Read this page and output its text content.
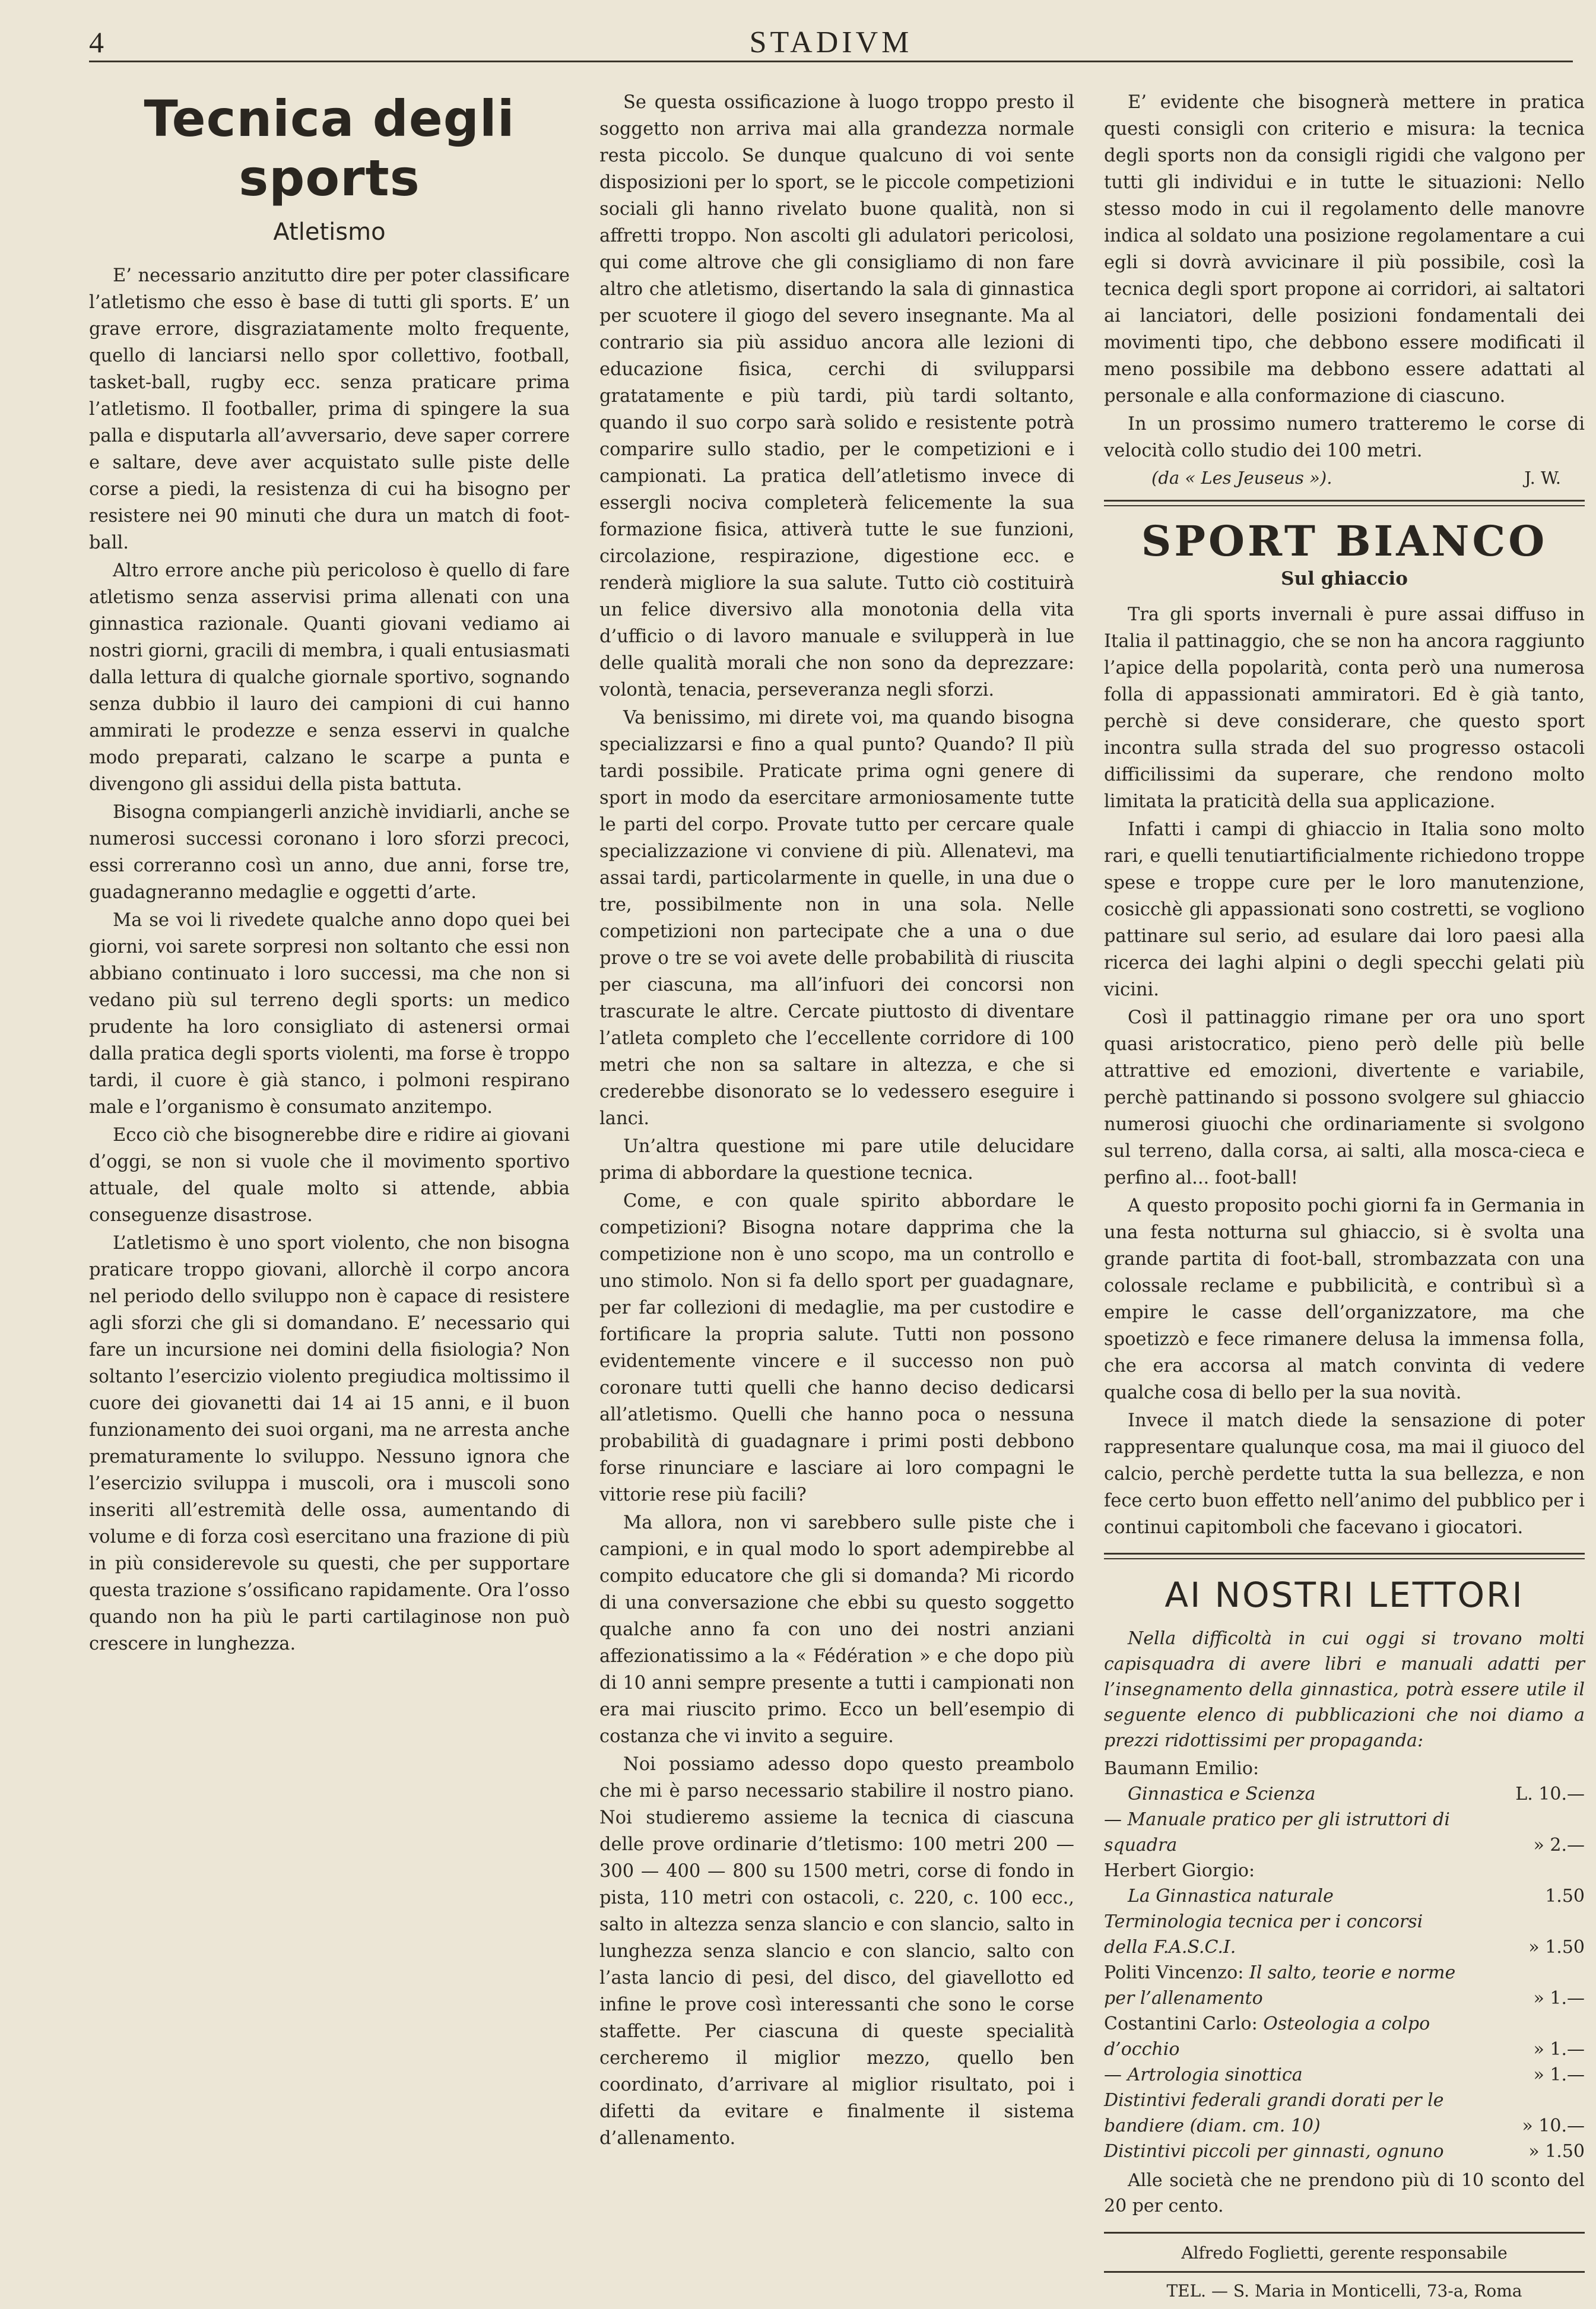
4	STADIVM
Tecnica degli sports
Atletismo

E’ necessario anzitutto dire per poter classificare l’atletismo che esso è base di tutti gli sports. E’ un grave errore, disgraziatamente molto frequente, quello di lanciarsi nello spor collettivo, football, tasket-ball, rugby ecc. senza praticare prima l’atletismo. Il footballer, prima di spingere la sua palla e disputarla all’avversario, deve saper correre e saltare, deve aver acquistato sulle piste delle corse a piedi, la resistenza di cui ha bisogno per resistere nei 90 minuti che dura un match di foot-ball.

Altro errore anche più pericoloso è quello di fare atletismo senza asservisi prima allenati con una ginnastica razionale. Quanti giovani vediamo ai nostri giorni, gracili di membra, i quali entusiasmati dalla lettura di qualche giornale sportivo, sognando senza dubbio il lauro dei campioni di cui hanno ammirati le prodezze e senza esservi in qualche modo preparati, calzano le scarpe a punta e divengono gli assidui della pista battuta.

Bisogna compiangerli anzichè invidiarli, anche se numerosi successi coronano i loro sforzi precoci, essi correranno così un anno, due anni, forse tre, guadagneranno medaglie e oggetti d’arte.

Ma se voi li rivedete qualche anno dopo quei bei giorni, voi sarete sorpresi non soltanto che essi non abbiano continuato i loro successi, ma che non si vedano più sul terreno degli sports: un medico prudente ha loro consigliato di astenersi ormai dalla pratica degli sports violenti, ma forse è troppo tardi, il cuore è già stanco, i polmoni respirano male e l’organismo è consumato anzitempo.

Ecco ciò che bisognerebbe dire e ridire ai giovani d’oggi, se non si vuole che il movimento sportivo attuale, del quale molto si attende, abbia conseguenze disastrose.

L’atletismo è uno sport violento, che non bisogna praticare troppo giovani, allorchè il corpo ancora nel periodo dello sviluppo non è capace di resistere agli sforzi che gli si domandano. E’ necessario qui fare un incursione nei domini della fisiologia? Non soltanto l’esercizio violento pregiudica moltissimo il cuore dei giovanetti dai 14 ai 15 anni, e il buon funzionamento dei suoi organi, ma ne arresta anche prematuramente lo sviluppo. Nessuno ignora che l’esercizio sviluppa i muscoli, ora i muscoli sono inseriti all’estremità delle ossa, aumentando di volume e di forza così esercitano una frazione di più in più considerevole su questi, che per supportare questa trazione s’ossificano rapidamente. Ora l’osso quando non ha più le parti cartilaginose non può crescere in lunghezza.

Se questa ossificazione à luogo troppo presto il soggetto non arriva mai alla grandezza normale resta piccolo. Se dunque qualcuno di voi sente disposizioni per lo sport, se le piccole competizioni sociali gli hanno rivelato buone qualità, non si affretti troppo. Non ascolti gli adulatori pericolosi, qui come altrove che gli consigliamo di non fare altro che atletismo, disertando la sala di ginnastica per scuotere il giogo del severo insegnante. Ma al contrario sia più assiduo ancora alle lezioni di educazione fisica, cerchi di svilupparsi gratatamente e più tardi, più tardi soltanto, quando il suo corpo sarà solido e resistente potrà comparire sullo stadio, per le competizioni e i campionati. La pratica dell’atletismo invece di essergli nociva completerà felicemente la sua formazione fisica, attiverà tutte le sue funzioni, circolazione, respirazione, digestione ecc. e renderà migliore la sua salute. Tutto ciò costituirà un felice diversivo alla monotonia della vita d’ufficio o di lavoro manuale e svilupperà in lue delle qualità morali che non sono da deprezzare: volontà, tenacia, perseveranza negli sforzi.

Va benissimo, mi direte voi, ma quando bisogna specializzarsi e fino a qual punto? Quando? Il più tardi possibile. Praticate prima ogni genere di sport in modo da esercitare armoniosamente tutte le parti del corpo. Provate tutto per cercare quale specializzazione vi conviene di più. Allenatevi, ma assai tardi, particolarmente in quelle, in una due o tre, possibilmente non in una sola. Nelle competizioni non partecipate che a una o due prove o tre se voi avete delle probabilità di riuscita per ciascuna, ma all’infuori dei concorsi non trascurate le altre. Cercate piuttosto di diventare l’atleta completo che l’eccellente corridore di 100 metri che non sa saltare in altezza, e che si crederebbe disonorato se lo vedessero eseguire i lanci.

Un’altra questione mi pare utile delucidare prima di abbordare la questione tecnica.

Come, e con quale spirito abbordare le competizioni? Bisogna notare dapprima che la competizione non è uno scopo, ma un controllo e uno stimolo. Non si fa dello sport per guadagnare, per far collezioni di medaglie, ma per custodire e fortificare la propria salute. Tutti non possono evidentemente vincere e il successo non può coronare tutti quelli che hanno deciso dedicarsi all’atletismo. Quelli che hanno poca o nessuna probabilità di guadagnare i primi posti debbono forse rinunciare e lasciare ai loro compagni le vittorie rese più facili?

Ma allora, non vi sarebbero sulle piste che i campioni, e in qual modo lo sport adempirebbe al compito educatore che gli si domanda? Mi ricordo di una conversazione che ebbi su questo soggetto qualche anno fa con uno dei nostri anziani affezionatissimo a la « Fédération » e che dopo più di 10 anni sempre presente a tutti i campionati non era mai riuscito primo. Ecco un bell’esempio di costanza che vi invito a seguire.

Noi possiamo adesso dopo questo preambolo che mi è parso necessario stabilire il nostro piano. Noi studieremo assieme la tecnica di ciascuna delle prove ordinarie d’tletismo: 100 metri 200 — 300 — 400 — 800 su 1500 metri, corse di fondo in pista, 110 metri con ostacoli, c. 220, c. 100 ecc., salto in altezza senza slancio e con slancio, salto in lunghezza senza slancio e con slancio, salto con l’asta lancio di pesi, del disco, del giavellotto ed infine le prove così interessanti che sono le corse staffette. Per ciascuna di queste specialità cercheremo il miglior mezzo, quello ben coordinato, d’arrivare al miglior risultato, poi i difetti da evitare e finalmente il sistema d’allenamento.

E’ evidente che bisognerà mettere in pratica questi consigli con criterio e misura: la tecnica degli sports non da consigli rigidi che valgono per tutti gli individui e in tutte le situazioni: Nello stesso modo in cui il regolamento delle manovre indica al soldato una posizione regolamentare a cui egli si dovrà avvicinare il più possibile, così la tecnica degli sport propone ai corridori, ai saltatori ai lanciatori, delle posizioni fondamentali dei movimenti tipo, che debbono essere modificati il meno possibile ma debbono essere adattati al personale e alla conformazione di ciascuno.

In un prossimo numero tratteremo le corse di velocità collo studio dei 100 metri.

(da « Les Jeuseus »).	J. W.
SPORT BIANCO
Sul ghiaccio

Tra gli sports invernali è pure assai diffuso in Italia il pattinaggio, che se non ha ancora raggiunto l’apice della popolarità, conta però una numerosa folla di appassionati ammiratori. Ed è già tanto, perchè si deve considerare, che questo sport incontra sulla strada del suo progresso ostacoli difficilissimi da superare, che rendono molto limitata la praticità della sua applicazione.

Infatti i campi di ghiaccio in Italia sono molto rari, e quelli tenutiartificialmente richiedono troppe spese e troppe cure per le loro manutenzione, cosicchè gli appassionati sono costretti, se vogliono pattinare sul serio, ad esulare dai loro paesi alla ricerca dei laghi alpini o degli specchi gelati più vicini.

Così il pattinaggio rimane per ora uno sport quasi aristocratico, pieno però delle più belle attrattive ed emozioni, divertente e variabile, perchè pattinando si possono svolgere sul ghiaccio numerosi giuochi che ordinariamente si svolgono sul terreno, dalla corsa, ai salti, alla mosca-cieca e perfino al... foot-ball!

A questo proposito pochi giorni fa in Germania in una festa notturna sul ghiaccio, si è svolta una grande partita di foot-ball, strombazzata con una colossale reclame e pubbilicità, e contribuì sì a empire le casse dell’organizzatore, ma che spoetizzò e fece rimanere delusa la immensa folla, che era accorsa al match convinta di vedere qualche cosa di bello per la sua novità.

Invece il match diede la sensazione di poter rappresentare qualunque cosa, ma mai il giuoco del calcio, perchè perdette tutta la sua bellezza, e non fece certo buon effetto nell’animo del pubblico per i continui capitomboli che facevano i giocatori.

AI NOSTRI LETTORI

Nella difficoltà in cui oggi si trovano molti capisquadra di avere libri e manuali adatti per l’insegnamento della ginnastica, potrà essere utile il seguente elenco di pubblicazioni che noi diamo a prezzi ridottissimi per propaganda:

Baumann Emilio:
Ginnastica e Scienza	L. 10.—
— Manuale pratico per gli istruttori di squadra	» 2.—
Herbert Giorgio:
La Ginnastica naturale	1.50
Terminologia tecnica per i concorsi della F.A.S.C.I.	» 1.50
Politi Vincenzo: Il salto, teorie e norme per l’allenamento	» 1.—
Costantini Carlo: Osteologia a colpo d’occhio	» 1.—
— Artrologia sinottica	» 1.—
Distintivi federali grandi dorati per le bandiere (diam. cm. 10)	» 10.—
Distintivi piccoli per ginnasti, ognuno	» 1.50

Alle società che ne prendono più di 10 sconto del 20 per cento.

Alfredo Foglietti, gerente responsabile
TEL. — S. Maria in Monticelli, 73-a, Roma
